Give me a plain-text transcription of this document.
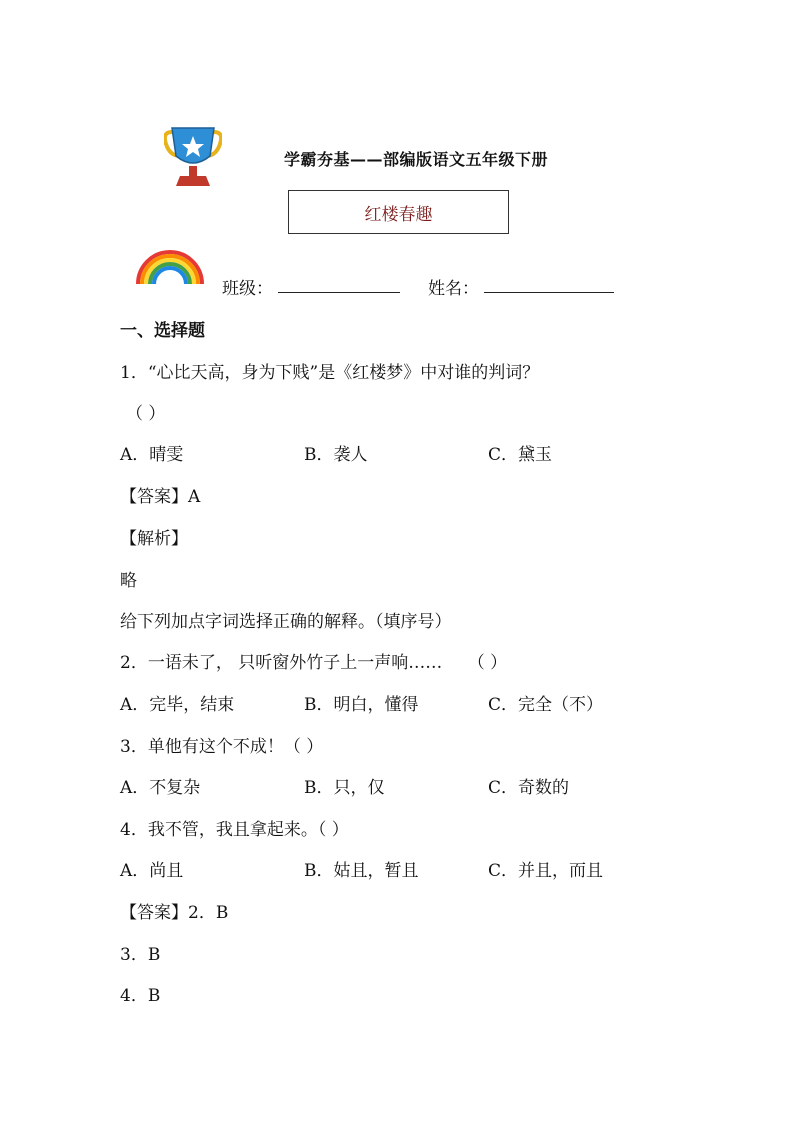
学霸夯基——部编版语文五年级下册
红楼春趣
班级：	姓名：
一、选择题
1．“心比天高，身为下贱”是《红楼梦》中对谁的判词？
（ ）
A．晴雯	B．袭人	C．黛玉
【答案】A
【解析】
略
给下列加点字词选择正确的解释。（填序号）
2．一语未了， 只听窗外竹子上一声响……　　（ ）
A．完毕，结束	B．明白，懂得	C．完全（不）
3．单他有这个不成！（ ）
A．不复杂	B．只，仅	C．奇数的
4．我不管，我且拿起来。（ ）
A．尚且	B．姑且，暂且	C．并且，而且
【答案】2．B
3．B
4．B
